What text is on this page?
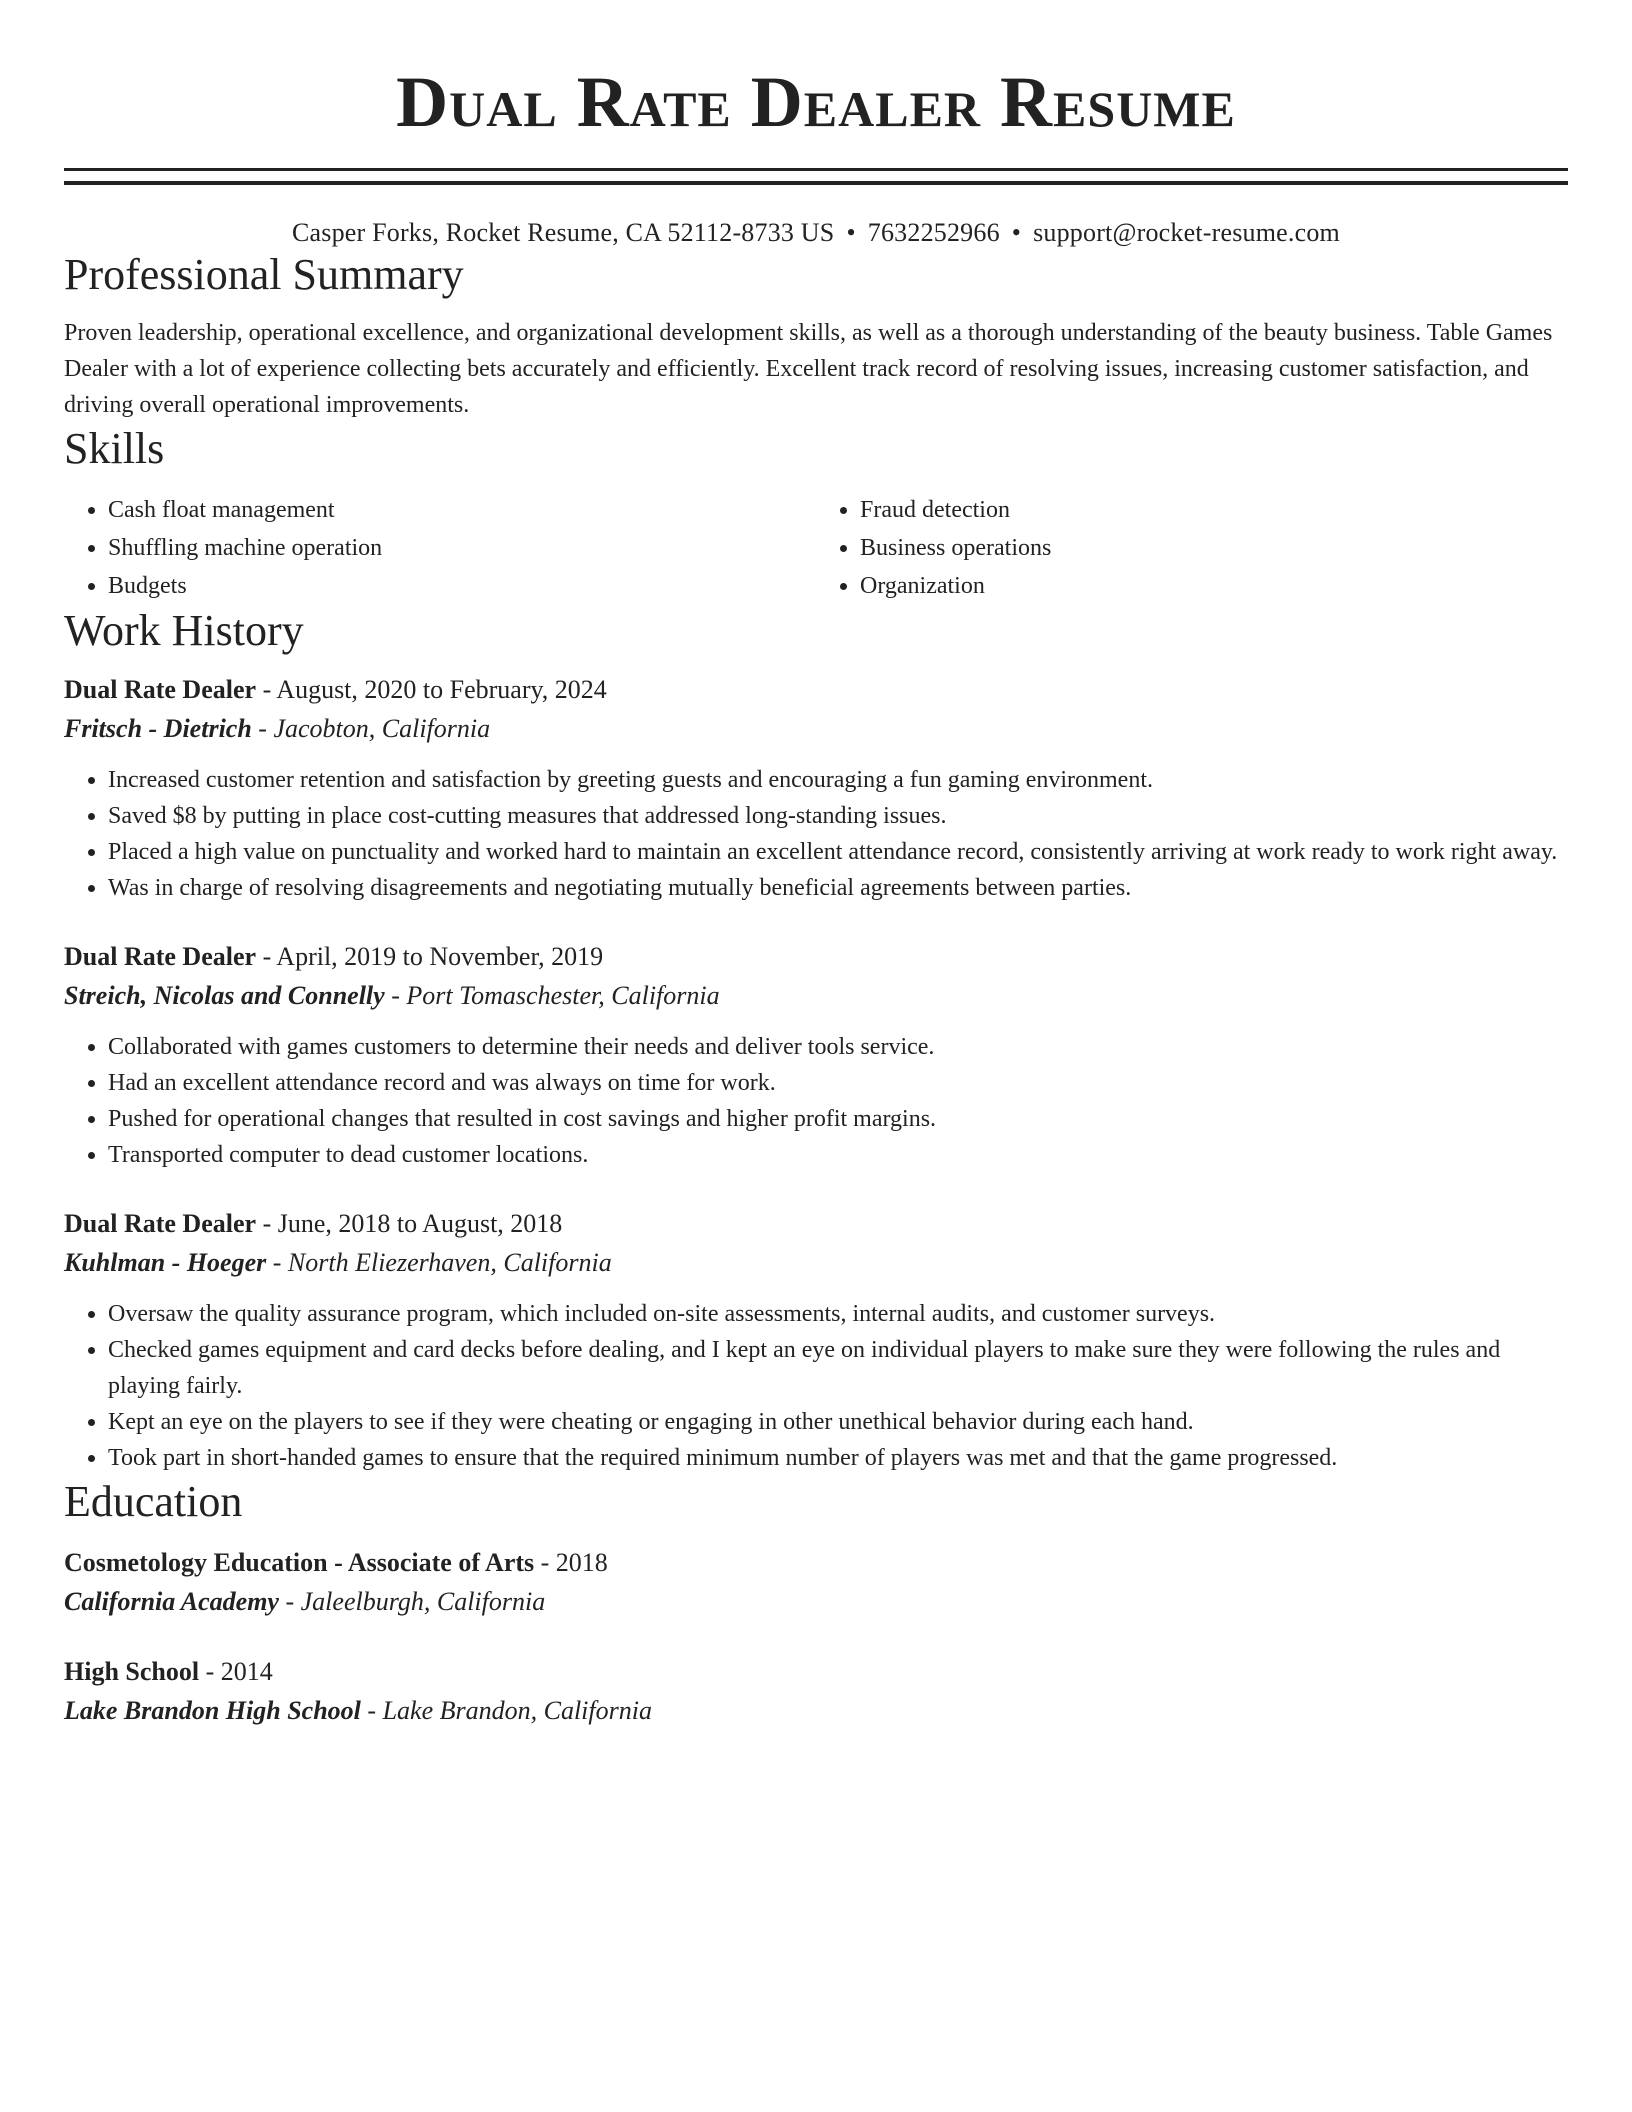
Dual Rate Dealer Resume
Casper Forks, Rocket Resume, CA 52112-8733 US • 7632252966 • support@rocket-resume.com
Professional Summary
Proven leadership, operational excellence, and organizational development skills, as well as a thorough understanding of the beauty business. Table Games Dealer with a lot of experience collecting bets accurately and efficiently. Excellent track record of resolving issues, increasing customer satisfaction, and driving overall operational improvements.
Skills
• Cash float management
• Shuffling machine operation
• Budgets
• Fraud detection
• Business operations
• Organization
Work History
Dual Rate Dealer - August, 2020 to February, 2024
Fritsch - Dietrich - Jacobton, California
• Increased customer retention and satisfaction by greeting guests and encouraging a fun gaming environment.
• Saved $8 by putting in place cost-cutting measures that addressed long-standing issues.
• Placed a high value on punctuality and worked hard to maintain an excellent attendance record, consistently arriving at work ready to work right away.
• Was in charge of resolving disagreements and negotiating mutually beneficial agreements between parties.
Dual Rate Dealer - April, 2019 to November, 2019
Streich, Nicolas and Connelly - Port Tomaschester, California
• Collaborated with games customers to determine their needs and deliver tools service.
• Had an excellent attendance record and was always on time for work.
• Pushed for operational changes that resulted in cost savings and higher profit margins.
• Transported computer to dead customer locations.
Dual Rate Dealer - June, 2018 to August, 2018
Kuhlman - Hoeger - North Eliezerhaven, California
• Oversaw the quality assurance program, which included on-site assessments, internal audits, and customer surveys.
• Checked games equipment and card decks before dealing, and I kept an eye on individual players to make sure they were following the rules and playing fairly.
• Kept an eye on the players to see if they were cheating or engaging in other unethical behavior during each hand.
• Took part in short-handed games to ensure that the required minimum number of players was met and that the game progressed.
Education
Cosmetology Education - Associate of Arts - 2018
California Academy - Jaleelburgh, California
High School - 2014
Lake Brandon High School - Lake Brandon, California
